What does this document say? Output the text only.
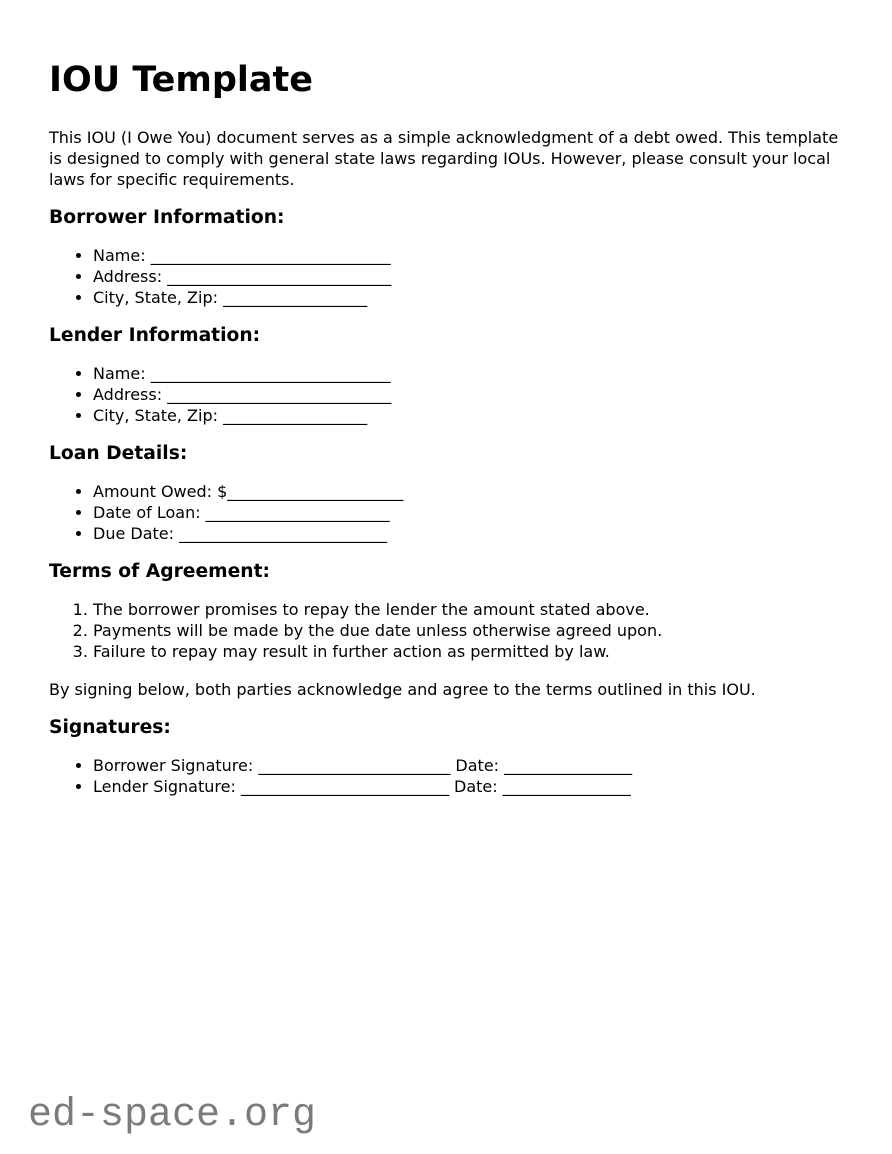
IOU Template

This IOU (I Owe You) document serves as a simple acknowledgment of a debt owed. This template is designed to comply with general state laws regarding IOUs. However, please consult your local laws for specific requirements.

Borrower Information:
• Name: ______________________________
• Address: ____________________________
• City, State, Zip: __________________
Lender Information:
• Name: ______________________________
• Address: ____________________________
• City, State, Zip: __________________
Loan Details:
• Amount Owed: $______________________
• Date of Loan: _______________________
• Due Date: __________________________
Terms of Agreement:
1. The borrower promises to repay the lender the amount stated above.
2. Payments will be made by the due date unless otherwise agreed upon.
3. Failure to repay may result in further action as permitted by law.

By signing below, both parties acknowledge and agree to the terms outlined in this IOU.

Signatures:
• Borrower Signature: ________________________ Date: ________________
• Lender Signature: __________________________ Date: ________________
ed-space.org
